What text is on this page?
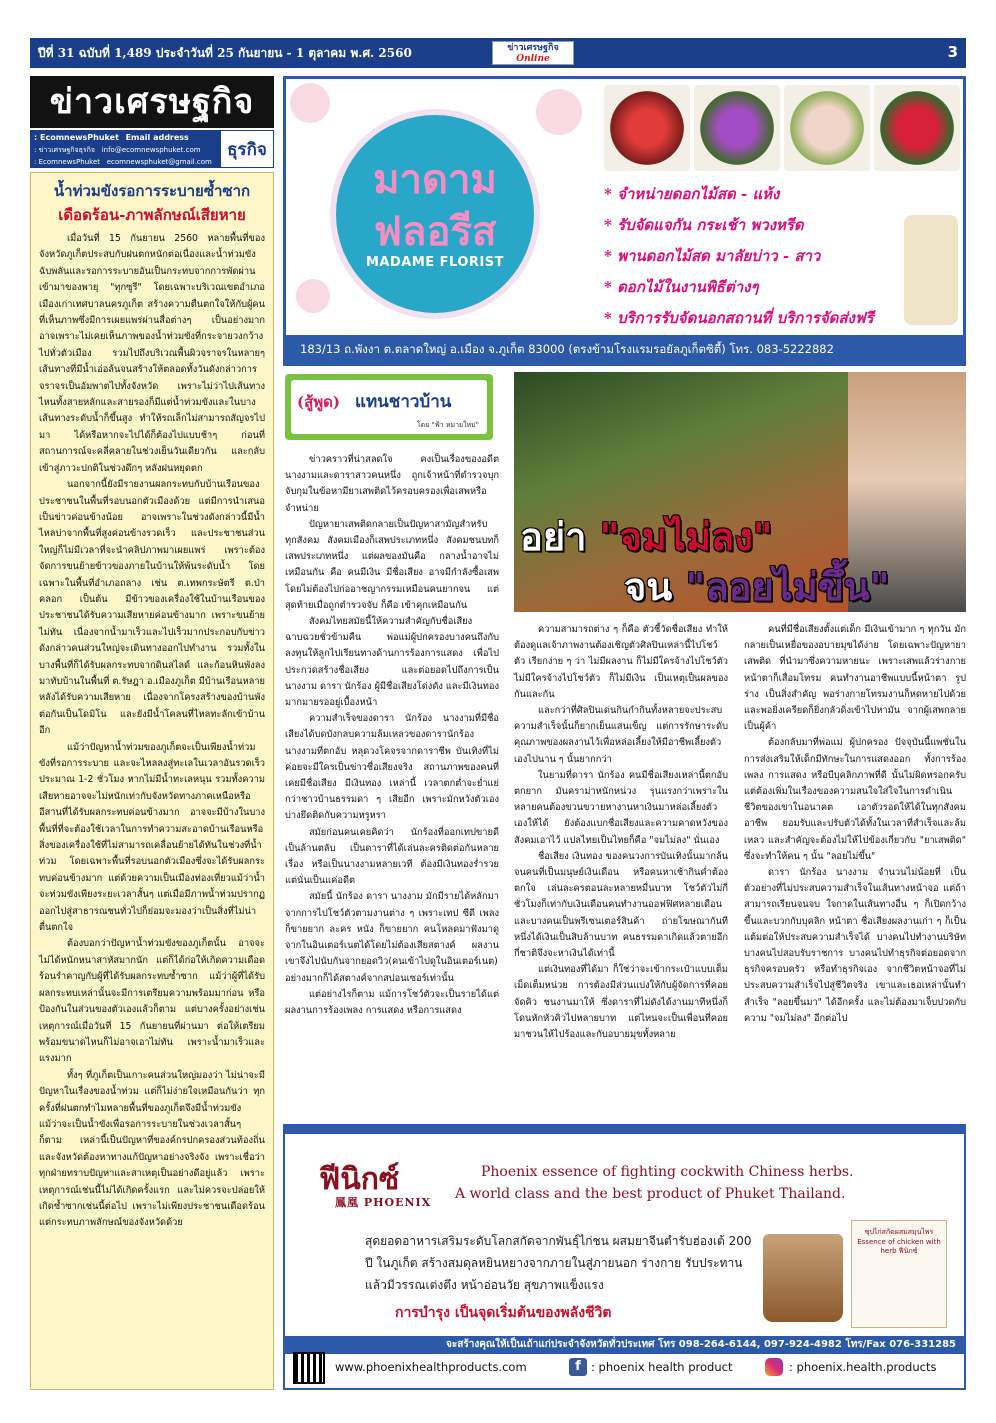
ปีที่ 31 ฉบับที่ 1,489 ประจำวันที่ 25 กันยายน - 1 ตุลาคม พ.ศ. 2560	ข่าวเศรษฐกิจ
Online	3
ข่าวเศรษฐกิจ
: EcomnewsPhuket Email address
: ข่าวเศรษฐกิจธุรกิจ info@ecomnewsphuket.com
: EcomnewsPhuket ecomnewsphuket@gmail.com
ธุรกิจ
น้ำท่วมขังรอการระบายซ้ำซาก
เดือดร้อน-ภาพลักษณ์เสียหาย

เมื่อวันที่ 15 กันยายน 2560 หลายพื้นที่ของจังหวัดภูเก็ตประสบกับฝนตกหนักต่อเนื่องและน้ำท่วมขังฉับพลันและรอการระบายอันเป็นกระทบจากการพัดผ่านเข้ามาของพายุ "ทุกซูรี" โดยเฉพาะบริเวณเขตอำเภอเมืองเก่าเทศบาลนครภูเก็ต สร้างความตื่นตกใจให้กับผู้คนที่เห็นภาพซึ่งมีการเผยแพร่ผ่านสื่อต่างๆ เป็นอย่างมาก อาจเพราะไม่เคยเห็นภาพของน้ำท่วมขังที่กระจายวงกว้างไปทั่วตัวเมือง รวมไปถึงบริเวณพื้นผิวจราจรในหลายๆ เส้นทางที่มีน้ำเอ่อล้นจนสร้างให้ตลอดทั้งวันดังกล่าวการจราจรเป็นอัมพาตไปทั้งจังหวัด เพราะไม่ว่าไปเส้นทางไหนทั้งสายหลักและสายรองก็มีแต่น้ำท่วมขังและในบางเส้นทางระดับน้ำก็ขึ้นสูง ทำให้รถเล็กไม่สามารถสัญจรไปมา ได้หรือหากจะไปได้ก็ต้องไปแบบช้าๆ ก่อนที่สถานการณ์จะคลี่คลายในช่วงเย็นวันเดียวกัน และกลับเข้าสู่ภาวะปกติในช่วงดึกๆ หลังฝนหยุดตก

นอกจากนี้ยังมีรายงานผลกระทบกับบ้านเรือนของประชาชนในพื้นที่รอบนอกตัวเมืองด้วย แต่มีการนำเสนอเป็นข่าวค่อนข้างน้อย อาจเพราะในช่วงดังกล่าวนี้มีน้ำไหลบ่าจากพื้นที่สูงค่อนข้างรวดเร็ว และประชาชนส่วนใหญ่ก็ไม่มีเวลาที่จะนำคลิปภาพมาเผยแพร่ เพราะต้องจัดการขนย้ายข้าวของภายในบ้านให้พ้นระดับน้ำ โดยเฉพาะในพื้นที่อำเภอถลาง เช่น ต.เทพกระษัตรี ต.ป่าคลอก เป็นต้น มีข้าวของเครื่องใช้ในบ้านเรือนของประชาชนได้รับความเสียหายค่อนข้างมาก เพราะขนย้ายไม่ทัน เนื่องจากน้ำมาเร็วและไปเร็วมากประกอบกับข่าวดังกล่าวคนส่วนใหญ่จะเดินทางออกไปทำงาน รวมทั้งในบางพื้นที่ก็ได้รับผลกระทบจากดินสไลด์ และก้อนหินพังลงมาทับบ้านในพื้นที่ ต.รัษฎา อ.เมืองภูเก็ต มีบ้านเรือนหลายหลังได้รับความเสียหาย เนื่องจากโครงสร้างของบ้านพังต่อกันเป็นโดมิโน และยังมีน้ำโคลนที่ไหลทะลักเข้าบ้านอีก

แม้ว่าปัญหาน้ำท่วมของภูเก็ตจะเป็นเพียงน้ำท่วมขังที่รอการระบาย และจะไหลลงสู่ทะเลในเวลาอันรวดเร็ว ประมาณ 1-2 ชั่วโมง หากไม่มีน้ำทะเลหนุน รวมทั้งความเสียหายอาจจะไม่หนักเท่ากับจังหวัดทางภาคเหนือหรืออีสานที่ได้รับผลกระทบค่อนข้างมาก อาจจะมีบ้างในบางพื้นที่ที่จะต้องใช้เวลาในการทำความสะอาดบ้านเรือนหรือสิ่งของเครื่องใช้ที่ไม่สามารถเคลื่อนย้ายได้ทันในช่วงที่น้ำท่วม โดยเฉพาะพื้นที่รอบนอกตัวเมืองซึ่งจะได้รับผลกระทบค่อนข้างมาก แต่ด้วยความเป็นเมืองท่องเที่ยวแม้ว่าน้ำจะท่วมขังเพียงระยะเวลาสั้นๆ แต่เมื่อมีภาพน้ำท่วมปรากฏออกไปสู่สาธารณชนทั่วไปก็ย่อมจะมองว่าเป็นสิ่งที่ไม่น่าตื่นตกใจ

ต้องบอกว่าปัญหาน้ำท่วมขังของภูเก็ตนั้น อาจจะไม่ได้หนักหนาสาหัสมากนัก แต่ก็ได้ก่อให้เกิดความเดือดร้อนรำคาญกับผู้ที่ได้รับผลกระทบซ้ำซาก แม้ว่าผู้ที่ได้รับผลกระทบเหล่านั้นจะมีการเตรียมความพร้อมมาก่อน หรือป้องกันในส่วนของตัวเองแล้วก็ตาม แต่บางครั้งอย่างเช่นเหตุการณ์เมื่อวันที่ 15 กันยายนที่ผ่านมา ต่อให้เตรียมพร้อมขนาดไหนก็ไม่อาจเอาไม่ทัน เพราะน้ำมาเร็วและแรงมาก

ทั้งๆ ที่ภูเก็ตเป็นเกาะคนส่วนใหญ่มองว่า ไม่น่าจะมีปัญหาในเรื่องของน้ำท่วม แต่ก็ไม่ง่ายใจเหมือนกันว่า ทุกครั้งที่ฝนตกทำไมหลายพื้นที่ของภูเก็ตจึงมีน้ำท่วมขัง แม้ว่าจะเป็นน้ำขังเพื่อรอการระบายในช่วงเวลาสั้นๆ ก็ตาม เหล่านี้เป็นปัญหาที่ของค์กรปกครองส่วนท้องถิ่นและจังหวัดต้องหาทางแก้ปัญหาอย่างจริงจัง เพราะเชื่อว่าทุกฝ่ายทราบปัญหาและสาเหตุเป็นอย่างดีอยู่แล้ว เพราะเหตุการณ์เช่นนี้ไม่ได้เกิดครั้งแรก และไม่ควรจะปล่อยให้เกิดซ้ำซากเช่นนี้ต่อไป เพราะไม่เพียงประชาชนเดือดร้อนแต่กระทบภาพลักษณ์ของจังหวัดด้วย

มาดาม
ฟลอรีส
MADAME FLORIST
* จำหน่ายดอกไม้สด - แห้ง
* รับจัดแจกัน กระเช้า พวงหรีด
* พานดอกไม้สด มาลัยบ่าว - สาว
* ดอกไม้ในงานพิธีต่างๆ
* บริการรับจัดนอกสถานที่ บริการจัดส่งฟรี
183/13 ถ.พังงา ต.ตลาดใหญ่ อ.เมือง จ.ภูเก็ต 83000 (ตรงข้ามโรงแรมรอยัลภูเก็ตซิตี้) โทร. 083-5222882
(สู้พูด) แทนชาวบ้าน
โดย "ฟ้า หมายใหม่"
อย่า "จมไม่ลง"
จน "ลอยไม่ขึ้น"

ข่าวคราวที่น่าสลดใจ คงเป็นเรื่องของอดีตนางงามและดาราสาวคนหนึ่ง ถูกเจ้าหน้าที่ตำรวจบุกจับกุมในข้อหามียาเสพติดไว้ครอบครองเพื่อเสพหรือจำหน่าย

ปัญหายาเสพติดกลายเป็นปัญหาสามัญสำหรับทุกสังคม สังคมเมืองก็เสพประเภทหนึ่ง สังคมชนบทก็เสพประเภทหนึ่ง แต่ผลของมันคือ กลางน้ำอาจไม่เหมือนกัน คือ คนมีเงิน มีชื่อเสียง อาจมีกำลังซื้อเสพโดยไม่ต้องไปก่ออาชญากรรมเหมือนคนยากจน แต่สุดท้ายเมื่อถูกตำรวจจับ ก็คือ เข้าคุกเหมือนกัน

สังคมไทยสมัยนี้ให้ความสำคัญกับชื่อเสียง ฉาบฉวยชั่วข้ามคืน พ่อแม่ผู้ปกครองบางคนถึงกับลงทุนให้ลูกไปเรียนทางด้านการร้องการแสดง เพื่อไปประกวดสร้างชื่อเสียง และต่อยอดไปถึงการเป็นนางงาม ดารา นักร้อง ผู้มีชื่อเสียงโด่งดัง และมีเงินทองมากมายรออยู่เบื้องหน้า

ความสำเร็จของดารา นักร้อง นางงามที่มีชื่อเสียงได้บดบังกลบความล้มเหลวของดารานักร้องนางงามที่ตกอับ หลุดวงโคจรจากดาราชีพ บันเทิงที่ไม่ค่อยจะมีใครเป็นข่าวชื่อเสียงจริง สถานภาพของคนที่เคยมีชื่อเสียง มีเงินทอง เหล่านี้ เวลาตกต่ำจะย่ำแย่กว่าชาวบ้านธรรมดา ๆ เสียอีก เพราะมักหวังตัวเองบ่างยึดติดกับความหรูหรา

สมัยก่อนคนเคยคิดว่า นักร้องที่ออกเทปขายดีเป็นล้านตลับ เป็นดาราที่ได้เล่นละครติดต่อกันหลายเรื่อง หรือเป็นนางงามหลายเวที ต้องมีเงินทองร่ำรวย แต่นั่นเป็นแค่อดีต

สมัยนี้ นักร้อง ดารา นางงาม มักมีรายได้หลักมาจากการไปโชว์ตัวตามงานต่าง ๆ เพราะเทป ซีดี เพลง ก็ขายยาก ละคร หนัง ก็ขายยาก คนโหลดมาฟังมาดูจากในอินเตอร์เนตได้โดยไม่ต้องเสียสตางค์ ผลงานเขาจึงไปนับกันจากยอดวิว(คนเข้าไปดูในอินเตอร์เนต) อย่างมากก็ได้สตางค์จากสปอนเซอร์เท่านั้น

แต่อย่างไรก็ตาม แม้การโชว์ตัวจะเป็นรายได้แต่ผลงานการร้องเพลง การแสดง หรือการแสดง

ความสามารถต่าง ๆ ก็คือ ตัวชี้วัดชื่อเสียง ทำให้ต้องดูแลเจ้าภาพงานต้องเชิญตัวศิลปินเหล่านี้ไปโชว์ตัว เรียกง่าย ๆ ว่า ไม่มีผลงาน ก็ไม่มีใครจ้างไปโชว์ตัว ไม่มีใครจ้างไปโชว์ตัว ก็ไม่มีเงิน เป็นเหตุเป็นผลของกันและกัน

และกว่าที่ศิลปินเด่นกินกำกินทั้งหลายจะประสบความสำเร็จนั้นก็ยากเย็นแสนเข็ญ แต่การรักษาระดับคุณภาพของผลงานไว้เพื่อหล่อเลี้ยงให้มีอาชีพเลี้ยงตัวเองไปนาน ๆ นั้นยากกว่า

ในยามที่ดารา นักร้อง คนมีชื่อเสียงเหล่านี้ตกอับ ตกยาก มันคราม่าหนักหน่วง รุนแรงกว่าเพราะในหลายคนต้องขวนขวายหางานหาเงินมาหล่อเลี้ยงตัวเองให้ได้ ยังต้องแบกชื่อเสียงและความคาดหวังของสังคมเอาไว้ แปลไทยเป็นไทยก็คือ "จมไม่ลง" นั่นเอง

ชื่อเสียง เงินทอง ของคนวงการบันเทิงนั้นมากล้นจนคนที่เป็นมนุษย์เงินเดือน หรือคนหาเช้ากินค่ำต้องตกใจ เล่นละครตอนละหลายหมื่นบาท โชว์ตัวไม่กี่ชั่วโมงก็เท่ากับเงินเดือนคนทำงานออฟฟิศหลายเดือน และบางคนเป็นพรีเซนเตอร์สินค้า ถ่ายโฆษณากันทีหนึ่งได้เงินเป็นสิบล้านบาท คนธรรมดาเกิดแล้วตายอีกกี่ชาติจึงจะหาเงินได้เท่านี้

แต่เงินทองที่ได้มา ก็ใช่ว่าจะเข้ากระเป๋าแบบเต็มเม็ดเต็มหน่วย การต้องมีส่วนแบ่งให้กับผู้จัดการที่คอยจัดคิว ชนงานมาให้ ซึ่งดาราที่ไม่ดังได้งานมาทีหนึ่งก็โดนหักหัวคิวไปหลายบาท แต่ไหนจะเป็นเพื่อนที่คอยมาชวนให้ไปร้องและกับอบายมุขทั้งหลาย

คนที่มีชื่อเสียงตั้งแต่เด็ก มีเงินเข้ามาก ๆ ทุกวัน มักกลายเป็นเหยื่อของอบายมุขได้ง่าย โดยเฉพาะปัญหายาเสพติด ที่นำมาซึ่งความหายนะ เพราะเสพแล้วร่างกาย หน้าตาก็เสื่อมโทรม คนทำงานอาชีพแบบนี้หน้าตา รูปร่าง เป็นสิ่งสำคัญ พอร่างกายโทรมงานก็หดหายไปด้วย และพอยิ่งเครียดก็ยิ่งกลัวดิ่งเข้าไปหามัน จากผู้เสพกลายเป็นผู้ค้า

ต้องกลับมาที่พ่อแม่ ผู้ปกครอง ปัจจุบันนี้แพชั่นในการส่งเสริมให้เด็กมีทักษะในการแสดงออก ทั้งการร้องเพลง การแสดง หรือบีบุคลิกภาพที่ดี นั้นไม่ผิดหรอกครับ แต่ต้องเพิ่มในเรื่องของความสนใจใส่ใจในการดำเนินชีวิตของเขาในอนาคต เอาตัวรอดให้ได้ในทุกสังคมอาชีพ ยอมรับและปรับตัวได้ทั้งในเวลาที่สำเร็จและล้มเหลว และสำคัญจะต้องไม่ให้ไปข้องเกี่ยวกับ "ยาเสพติด" ซึ่งจะทำให้คน ๆ นั้น "ลอยไม่ขึ้น"

ดารา นักร้อง นางงาม จำนวนไม่น้อยที่ เป็นตัวอย่างที่ไม่ประสบความสำเร็จในเส้นทางหน้าจอ แต่ถ้าสามารถเรียนจนจบ ใจกาดในเส้นทางอื่น ๆ ก็เปิดกว้างขึ้นและบวกกับบุคลิก หน้าตา ชื่อเสียงผลงานเก่า ๆ ก็เป็นแต้มต่อให้ประสบความสำเร็จได้ บางคนไปทำงานบริษัท บางคนไปสอบรับราชการ บางคนไปทำธุรกิจต่อยอดจากธุรกิจครอบครัว หรือทำธุรกิจเอง จากชีวิตหน้าจอที่ไม่ประสบความสำเร็จไปสู่ชีวิตจริง เขาและเธอเหล่านั้นทำสำเร็จ "ลอยขึ้นมา" ได้อีกครั้ง และไม่ต้องมาเจ็บปวดกับความ "จมไม่ลง" อีกต่อไป

ฟีนิกซ์
鳳凰 PHOENIX
Phoenix essence of fighting cockwith Chiness herbs.
A world class and the best product of Phuket Thailand.
สุดยอดอาหารเสริมระดับโลกสกัดจากพันธุ์ไก่ชน ผสมยาจีนตำรับฮ่องเต้ 200 ปี ในภูเก็ต สร้างสมดุลหยินหยางจากภายในสู่ภายนอก ร่างกาย รับประทานแล้วมีวรรณเต่งตึง หน้าอ่อนวัย สุขภาพแข็งแรง
การบำรุง เป็นจุดเริ่มต้นของพลังชีวิต
ซุปไก่สกัดผสมสมุนไพร Essence of chicken with herb ฟีนิกซ์
จะสร้างคุณให้เป็นเถ้าแก่ประจำจังหวัดทั่วประเทศ โทร 098-264-6144, 097-924-4982 โทร/Fax 076-331285
www.phoenixhealthproducts.com	f : phoenix health product	: phoenix.health.products
